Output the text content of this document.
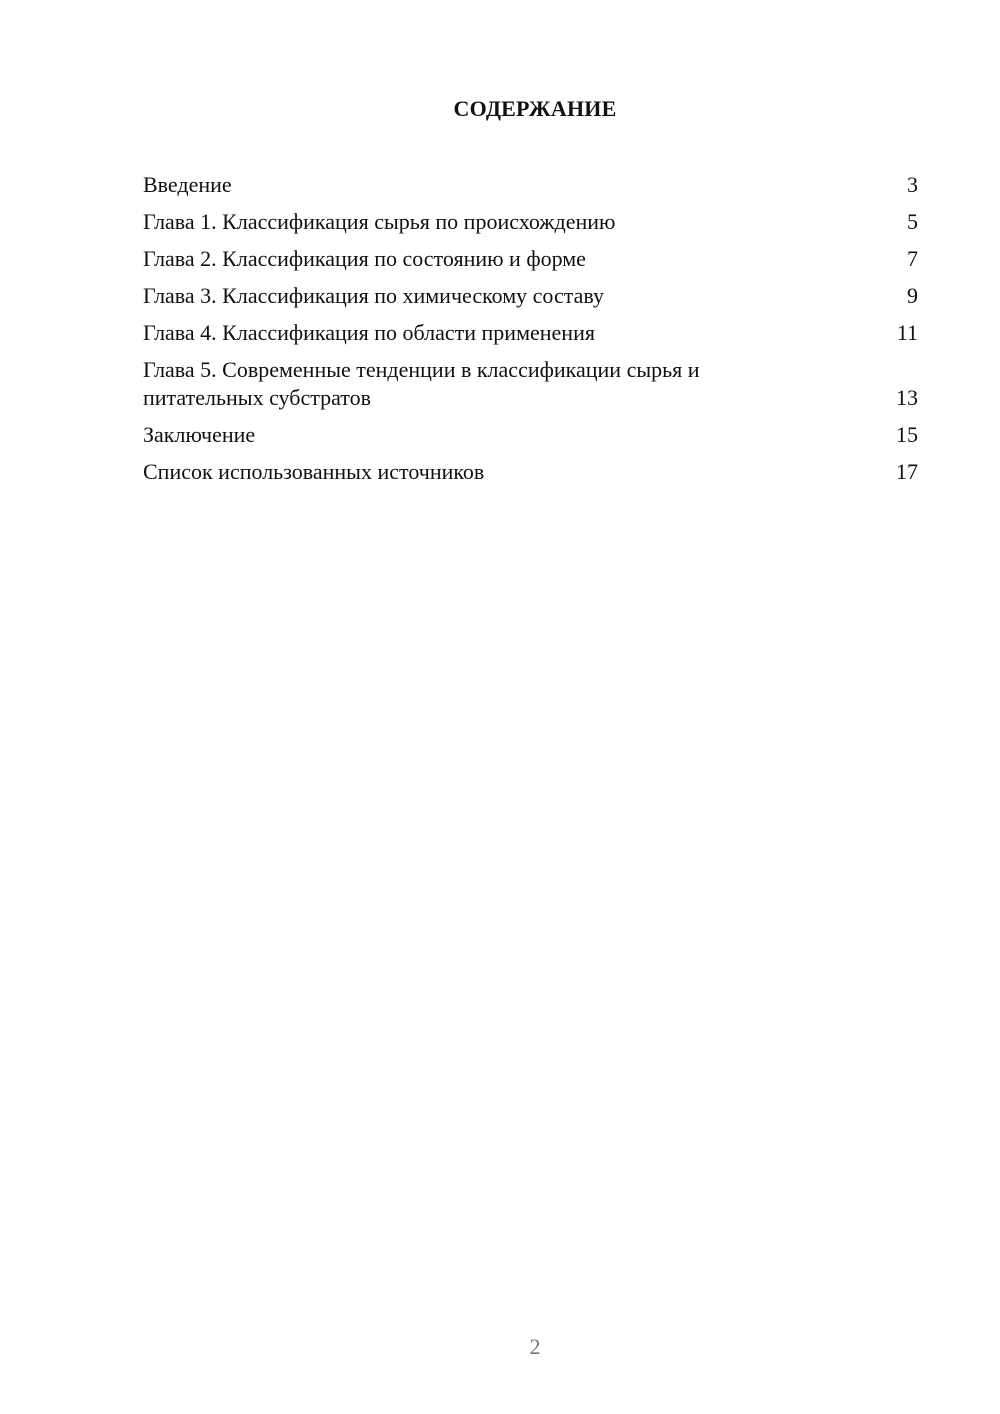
СОДЕРЖАНИЕ
Введение	3
Глава 1. Классификация сырья по происхождению	5
Глава 2. Классификация по состоянию и форме	7
Глава 3. Классификация по химическому составу	9
Глава 4. Классификация по области применения	11
Глава 5. Современные тенденции в классификации сырья и питательных субстратов	13
Заключение	15
Список использованных источников	17
2
